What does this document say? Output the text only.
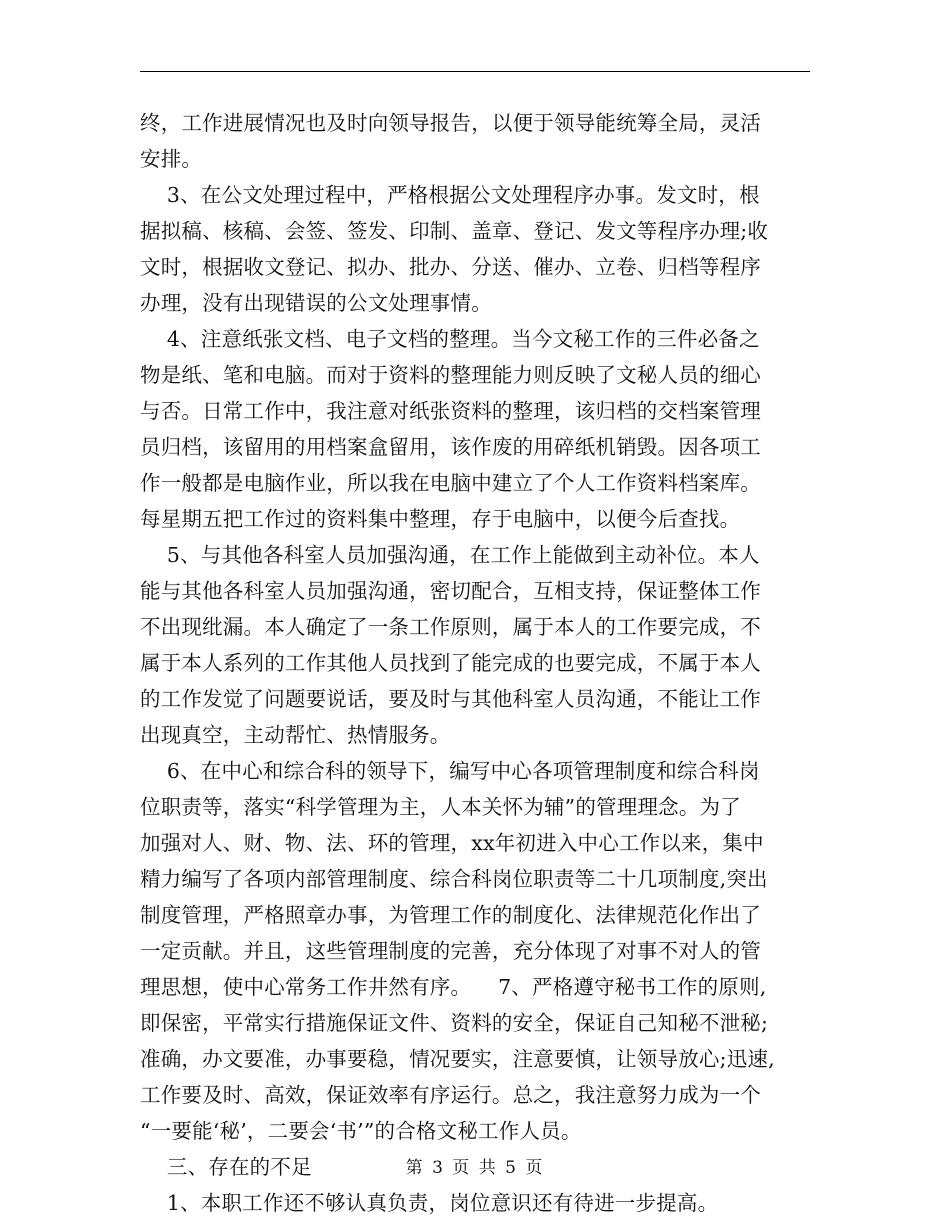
终，工作进展情况也及时向领导报告，以便于领导能统筹全局，灵活
安排。
3、在公文处理过程中，严格根据公文处理程序办事。发文时，根
据拟稿、核稿、会签、签发、印制、盖章、登记、发文等程序办理;收
文时，根据收文登记、拟办、批办、分送、催办、立卷、归档等程序
办理，没有出现错误的公文处理事情。
4、注意纸张文档、电子文档的整理。当今文秘工作的三件必备之
物是纸、笔和电脑。而对于资料的整理能力则反映了文秘人员的细心
与否。日常工作中，我注意对纸张资料的整理，该归档的交档案管理
员归档，该留用的用档案盒留用，该作废的用碎纸机销毁。因各项工
作一般都是电脑作业，所以我在电脑中建立了个人工作资料档案库。
每星期五把工作过的资料集中整理，存于电脑中，以便今后查找。
5、与其他各科室人员加强沟通，在工作上能做到主动补位。本人
能与其他各科室人员加强沟通，密切配合，互相支持，保证整体工作
不出现纰漏。本人确定了一条工作原则，属于本人的工作要完成，不
属于本人系列的工作其他人员找到了能完成的也要完成，不属于本人
的工作发觉了问题要说话，要及时与其他科室人员沟通，不能让工作
出现真空，主动帮忙、热情服务。
6、在中心和综合科的领导下，编写中心各项管理制度和综合科岗
位职责等，落实“科学管理为主，人本关怀为辅”的管理理念。为了
加强对人、财、物、法、环的管理，xx年初进入中心工作以来，集中
精力编写了各项内部管理制度、综合科岗位职责等二十几项制度,突出
制度管理，严格照章办事，为管理工作的制度化、法律规范化作出了
一定贡献。并且，这些管理制度的完善，充分体现了对事不对人的管
理思想，使中心常务工作井然有序。    7、严格遵守秘书工作的原则,
即保密，平常实行措施保证文件、资料的安全，保证自己知秘不泄秘;
准确，办文要准，办事要稳，情况要实，注意要慎，让领导放心;迅速,
工作要及时、高效，保证效率有序运行。总之，我注意努力成为一个
“一要能‘秘’，二要会‘书’”的合格文秘工作人员。
三、存在的不足
1、本职工作还不够认真负责，岗位意识还有待进一步提高。
第 3 页 共 5 页
